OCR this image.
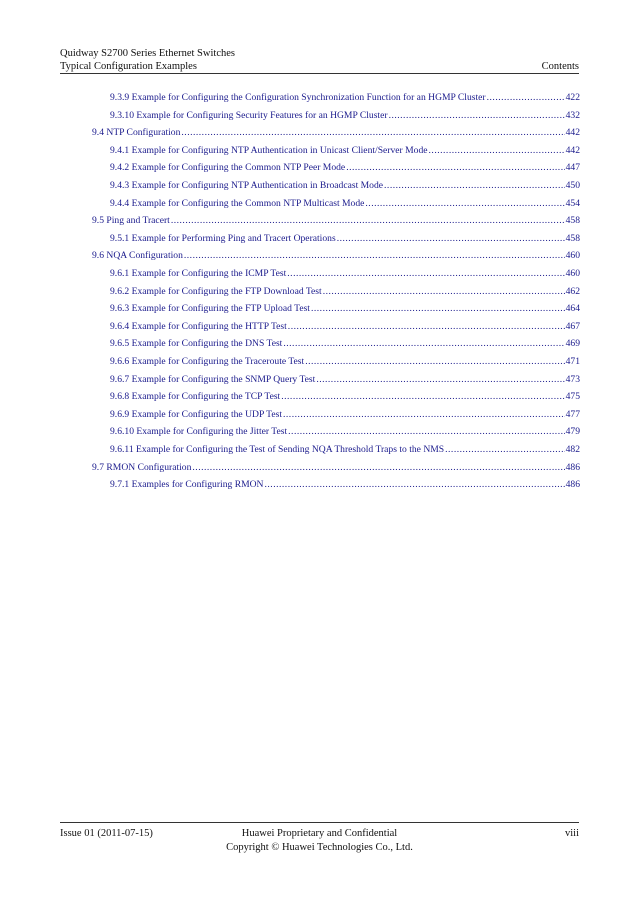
Quidway S2700 Series Ethernet Switches
Typical Configuration Examples	Contents
9.3.9 Example for Configuring the Configuration Synchronization Function for an HGMP Cluster .....	422
9.3.10 Example for Configuring Security Features for an HGMP Cluster .....	432
9.4 NTP Configuration .....	442
9.4.1 Example for Configuring NTP Authentication in Unicast Client/Server Mode .....	442
9.4.2 Example for Configuring the Common NTP Peer Mode .....	447
9.4.3 Example for Configuring NTP Authentication in Broadcast Mode .....	450
9.4.4 Example for Configuring the Common NTP Multicast Mode .....	454
9.5 Ping and Tracert .....	458
9.5.1 Example for Performing Ping and Tracert Operations .....	458
9.6 NQA Configuration .....	460
9.6.1 Example for Configuring the ICMP Test .....	460
9.6.2 Example for Configuring the FTP Download Test .....	462
9.6.3 Example for Configuring the FTP Upload Test .....	464
9.6.4 Example for Configuring the HTTP Test .....	467
9.6.5 Example for Configuring the DNS Test .....	469
9.6.6 Example for Configuring the Traceroute Test .....	471
9.6.7 Example for Configuring the SNMP Query Test .....	473
9.6.8 Example for Configuring the TCP Test .....	475
9.6.9 Example for Configuring the UDP Test .....	477
9.6.10 Example for Configuring the Jitter Test .....	479
9.6.11 Example for Configuring the Test of Sending NQA Threshold Traps to the NMS .....	482
9.7 RMON Configuration .....	486
9.7.1 Examples for Configuring RMON .....	486
Issue 01 (2011-07-15)	Huawei Proprietary and Confidential
Copyright © Huawei Technologies Co., Ltd.
viii
